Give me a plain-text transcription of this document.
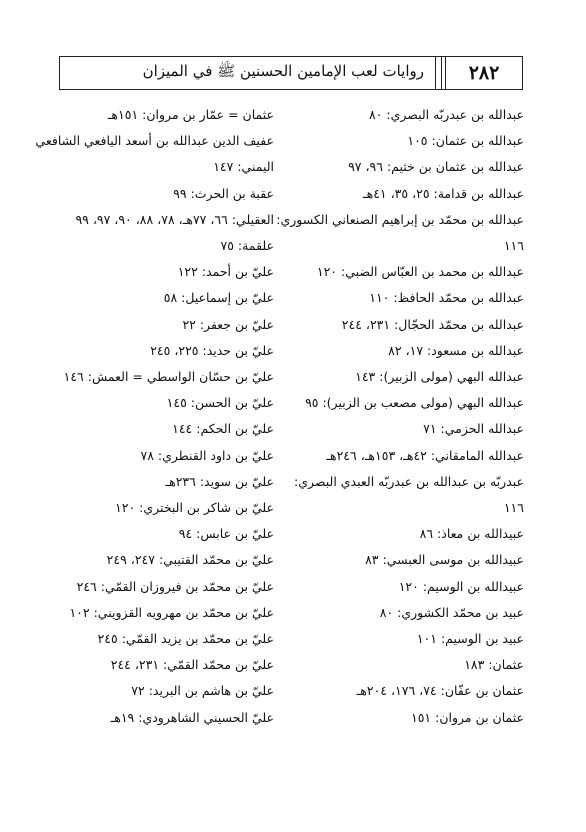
٢٨٢
روايات لعب الإمامين الحسنين ﷺ في الميزان
عبدالله بن عبدربّه البصري: ٨٠
عبدالله بن عثمان: ١٠٥
عبدالله بن عثمان بن خثيم: ٩٦، ٩٧
عبدالله بن قدامة: ٢٥، ٣٥، ٤١هـ
عبدالله بن محمّد بن إبراهيم الصنعاني الكسوري: ١١٦
عبدالله بن محمد بن العبّاس الضبي: ١٢٠
عبدالله بن محمّد الحافظ: ١١٠
عبدالله بن محمّد الحجّال: ٢٣١، ٢٤٤
عبدالله بن مسعود: ١٧، ٨٢
عبدالله البهي (مولى الزبير): ١٤٣
عبدالله البهي (مولى مصعب بن الزبير): ٩٥
عبدالله الحزمي: ٧١
عبدالله المامقاني: ٤٢هـ، ١٥٣هـ، ٢٤٦هـ
عبدربّه بن عبدالله بن عبدربّه العبدي البصري: ١١٦
عبيدالله بن معاذ: ٨٦
عبيدالله بن موسى العبسي: ٨٣
عبيدالله بن الوسيم: ١٢٠
عبيد بن محمّد الكشوري: ٨٠
عبيد بن الوسيم: ١٠١
عثمان: ١٨٣
عثمان بن عفّان: ٧٤، ١٧٦، ٢٠٤هـ
عثمان بن مروان: ١٥١
عثمان = عمّار بن مروان: ١٥١هـ
عفيف الدين عبدالله بن أسعد اليافعي الشافعي اليمني: ١٤٧
عقبة بن الحرث: ٩٩
العقيلي: ٦٦، ٧٧هـ، ٧٨، ٨٨، ٩٠، ٩٧، ٩٩
علقمة: ٧٥
عليّ بن أحمد: ١٢٢
عليّ بن إسماعيل: ٥٨
عليّ بن جعفر: ٢٢
عليّ بن حديد: ٢٢٥، ٢٤٥
عليّ بن حسّان الواسطي = العمش: ١٤٦
عليّ بن الحسن: ١٤٥
عليّ بن الحكم: ١٤٤
عليّ بن داود القنطري: ٧٨
عليّ بن سويد: ٢٣٦هـ
عليّ بن شاكر بن البختري: ١٢٠
عليّ بن عابس: ٩٤
عليّ بن محمّد القتيبي: ٢٤٧، ٢٤٩
عليّ بن محمّد بن فيروزان القمّي: ٢٤٦
عليّ بن محمّد بن مهرويه القزويني: ١٠٢
عليّ بن محمّد بن يزيد القمّي: ٢٤٥
عليّ بن محمّد القمّي: ٢٣١، ٢٤٤
عليّ بن هاشم بن البريد: ٧٢
عليّ الحسيني الشاهرودي: ١٩هـ
